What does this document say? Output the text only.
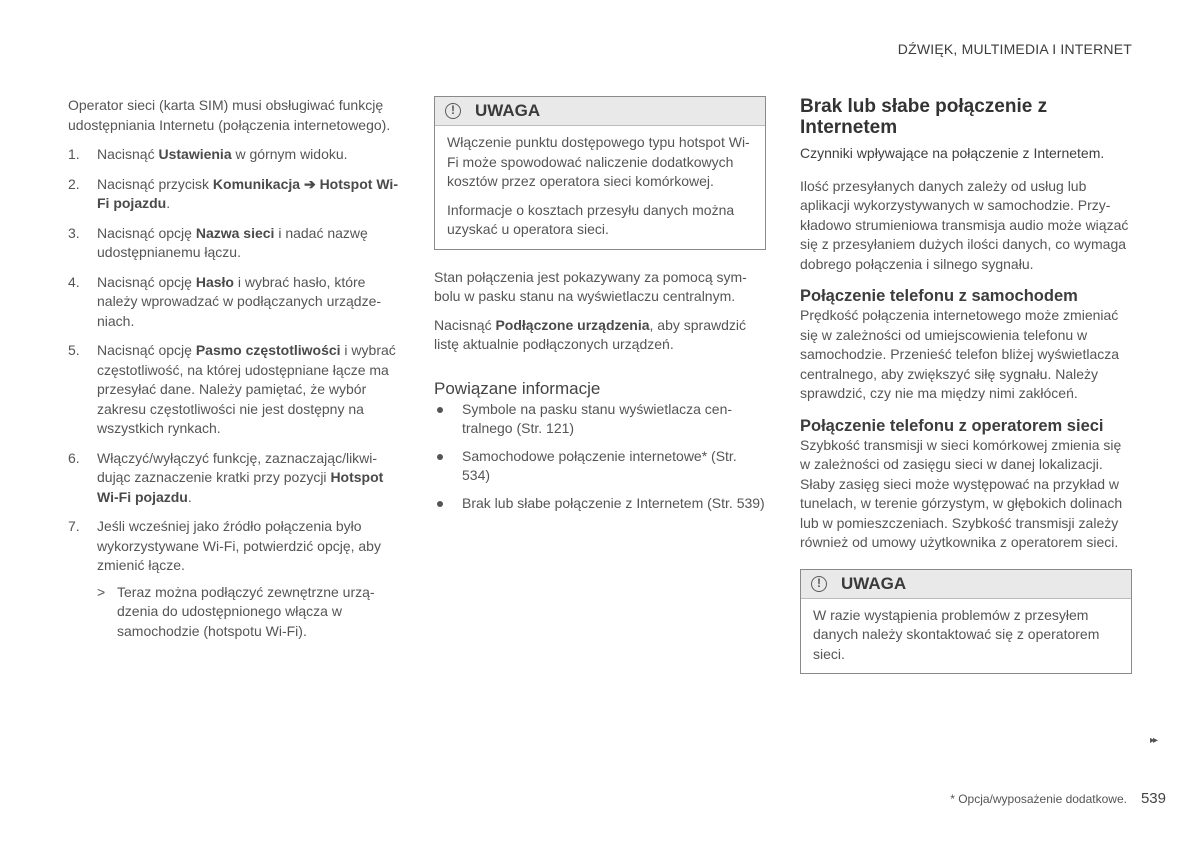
DŹWIĘK, MULTIMEDIA I INTERNET

Operator sieci (karta SIM) musi obsługiwać funkcję udostępniania Internetu (połączenia internetowego).

1. Nacisnąć Ustawienia w górnym widoku.
2. Nacisnąć przycisk Komunikacja ➔ Hotspot Wi-Fi pojazdu.
3. Nacisnąć opcję Nazwa sieci i nadać nazwę udostępnianemu łączu.
4. Nacisnąć opcję Hasło i wybrać hasło, które należy wprowadzać w podłączanych urządzeniach.
5. Nacisnąć opcję Pasmo częstotliwości i wybrać częstotliwość, na której udostępniane łącze ma przesyłać dane. Należy pamiętać, że wybór zakresu częstotliwości nie jest dostępny na wszystkich rynkach.
6. Włączyć/wyłączyć funkcję, zaznaczając/likwidując zaznaczenie kratki przy pozycji Hotspot Wi-Fi pojazdu.
7. Jeśli wcześniej jako źródło połączenia było wykorzystywane Wi-Fi, potwierdzić opcję, aby zmienić łącze.
> Teraz można podłączyć zewnętrzne urządzenia do udostępnionego włącza w samochodzie (hotspotu Wi-Fi).
!	UWAGA

Włączenie punktu dostępowego typu hotspot Wi-Fi może spowodować naliczenie dodatkowych kosztów przez operatora sieci komórkowej.

Informacje o kosztach przesyłu danych można uzyskać u operatora sieci.

Stan połączenia jest pokazywany za pomocą symbolu w pasku stanu na wyświetlaczu centralnym.

Nacisnąć Podłączone urządzenia, aby sprawdzić listę aktualnie podłączonych urządzeń.

Powiązane informacje
Symbole na pasku stanu wyświetlacza centralnego (Str. 121)
Samochodowe połączenie internetowe* (Str. 534)
Brak lub słabe połączenie z Internetem (Str. 539)
Brak lub słabe połączenie z Internetem

Czynniki wpływające na połączenie z Internetem.

Ilość przesyłanych danych zależy od usług lub aplikacji wykorzystywanych w samochodzie. Przykładowo strumieniowa transmisja audio może wiązać się z przesyłaniem dużych ilości danych, co wymaga dobrego połączenia i silnego sygnału.

Połączenie telefonu z samochodem

Prędkość połączenia internetowego może zmieniać się w zależności od umiejscowienia telefonu w samochodzie. Przenieść telefon bliżej wyświetlacza centralnego, aby zwiększyć siłę sygnału. Należy sprawdzić, czy nie ma między nimi zakłóceń.

Połączenie telefonu z operatorem sieci

Szybkość transmisji w sieci komórkowej zmienia się w zależności od zasięgu sieci w danej lokalizacji. Słaby zasięg sieci może występować na przykład w tunelach, w terenie górzystym, w głębokich dolinach lub w pomieszczeniach. Szybkość transmisji zależy również od umowy użytkownika z operatorem sieci.

!	UWAGA

W razie wystąpienia problemów z przesyłem danych należy skontaktować się z operatorem sieci.

▸▸
* Opcja/wyposażenie dodatkowe. 539
